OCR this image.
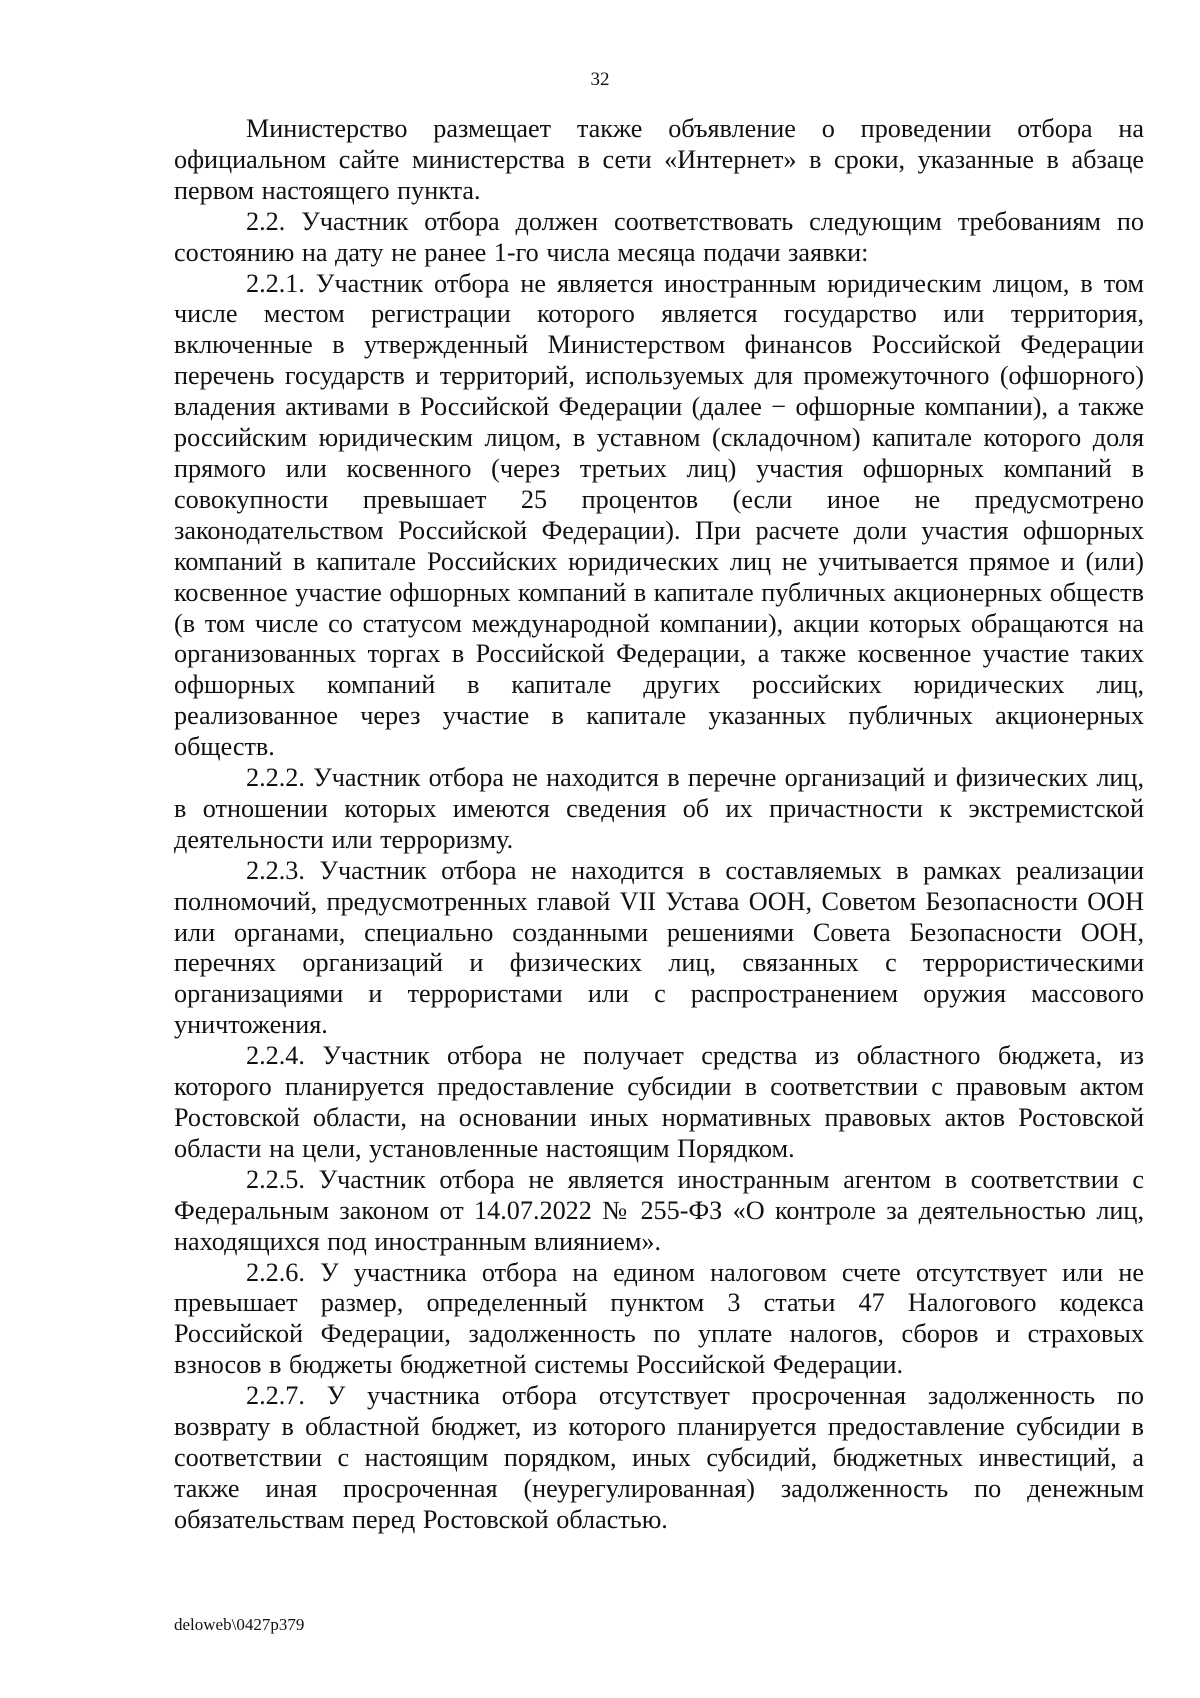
32

Министерство размещает также объявление о проведении отбора на официальном сайте министерства в сети «Интернет» в сроки, указанные в абзаце первом настоящего пункта.

2.2. Участник отбора должен соответствовать следующим требованиям по состоянию на дату не ранее 1-го числа месяца подачи заявки:

2.2.1. Участник отбора не является иностранным юридическим лицом, в том числе местом регистрации которого является государство или территория, включенные в утвержденный Министерством финансов Российской Федерации перечень государств и территорий, используемых для промежуточного (офшорного) владения активами в Российской Федерации (далее − офшорные компании), а также российским юридическим лицом, в уставном (складочном) капитале которого доля прямого или косвенного (через третьих лиц) участия офшорных компаний в совокупности превышает 25 процентов (если иное не предусмотрено законодательством Российской Федерации). При расчете доли участия офшорных компаний в капитале Российских юридических лиц не учитывается прямое и (или) косвенное участие офшорных компаний в капитале публичных акционерных обществ (в том числе со статусом международной компании), акции которых обращаются на организованных торгах в Российской Федерации, а также косвенное участие таких офшорных компаний в капитале других российских юридических лиц, реализованное через участие в капитале указанных публичных акционерных обществ.

2.2.2. Участник отбора не находится в перечне организаций и физических лиц, в отношении которых имеются сведения об их причастности к экстремистской деятельности или терроризму.

2.2.3. Участник отбора не находится в составляемых в рамках реализации полномочий, предусмотренных главой VII Устава ООН, Советом Безопасности ООН или органами, специально созданными решениями Совета Безопасности ООН, перечнях организаций и физических лиц, связанных с террористическими организациями и террористами или с распространением оружия массового уничтожения.

2.2.4. Участник отбора не получает средства из областного бюджета, из которого планируется предоставление субсидии в соответствии с правовым актом Ростовской области, на основании иных нормативных правовых актов Ростовской области на цели, установленные настоящим Порядком.

2.2.5. Участник отбора не является иностранным агентом в соответствии с Федеральным законом от 14.07.2022 № 255-ФЗ «О контроле за деятельностью лиц, находящихся под иностранным влиянием».

2.2.6. У участника отбора на едином налоговом счете отсутствует или не превышает размер, определенный пунктом 3 статьи 47 Налогового кодекса Российской Федерации, задолженность по уплате налогов, сборов и страховых взносов в бюджеты бюджетной системы Российской Федерации.

2.2.7. У участника отбора отсутствует просроченная задолженность по возврату в областной бюджет, из которого планируется предоставление субсидии в соответствии с настоящим порядком, иных субсидий, бюджетных инвестиций, а также иная просроченная (неурегулированная) задолженность по денежным обязательствам перед Ростовской областью.

deloweb\0427p379
